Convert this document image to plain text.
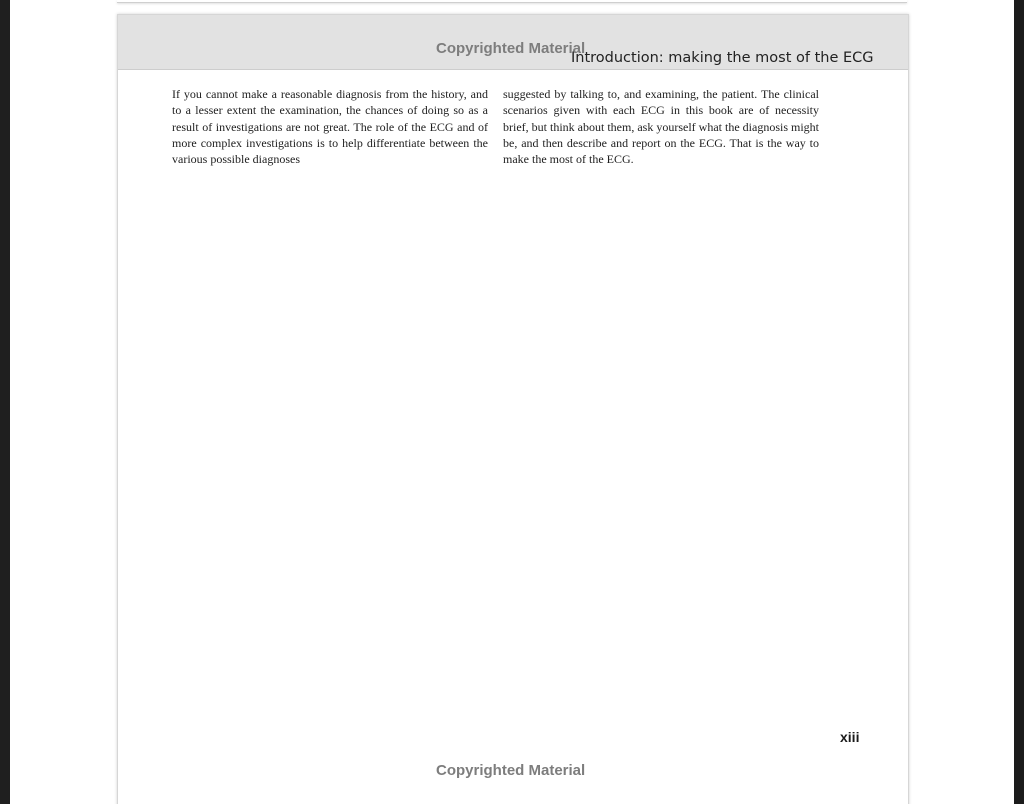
Copyrighted Material
Introduction: making the most of the ECG
If you cannot make a reasonable diagnosis from the history, and to a lesser extent the examination, the chances of doing so as a result of investigations are not great. The role of the ECG and of more complex investigations is to help differentiate between the various possible diagnoses
suggested by talking to, and examining, the patient. The clinical scenarios given with each ECG in this book are of necessity brief, but think about them, ask yourself what the diagnosis might be, and then describe and report on the ECG. That is the way to make the most of the ECG.
xiii
Copyrighted Material
